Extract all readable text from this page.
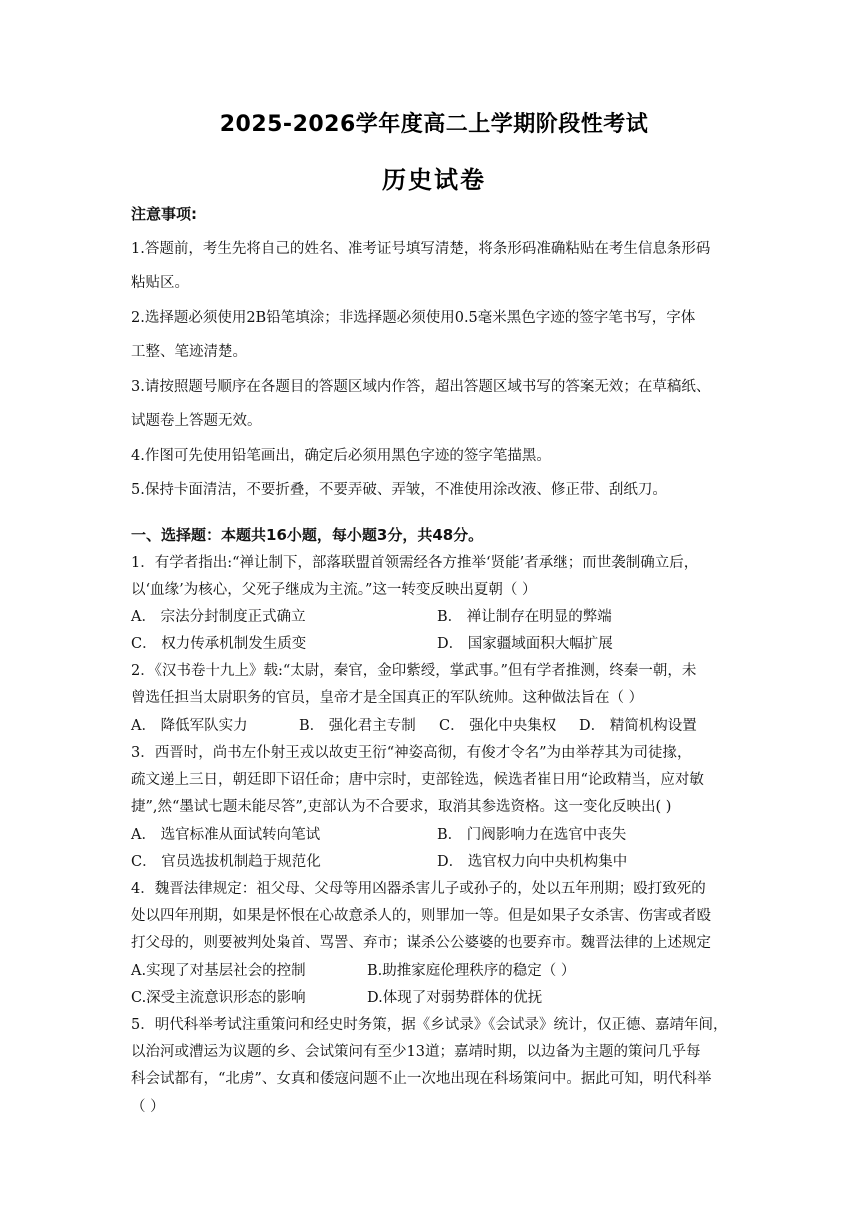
2025-2026学年度高二上学期阶段性考试
历史试卷
注意事项:
1.答题前，考生先将自己的姓名、准考证号填写清楚，将条形码准确粘贴在考生信息条形码
粘贴区。
2.选择题必须使用2B铅笔填涂；非选择题必须使用0.5毫米黑色字迹的签字笔书写，字体
工整、笔迹清楚。
3.请按照题号顺序在各题目的答题区域内作答，超出答题区域书写的答案无效；在草稿纸、
试题卷上答题无效。
4.作图可先使用铅笔画出，确定后必须用黑色字迹的签字笔描黑。
5.保持卡面清洁，不要折叠，不要弄破、弄皱，不准使用涂改液、修正带、刮纸刀。
一、选择题：本题共16小题，每小题3分，共48分。
1．有学者指出:“禅让制下，部落联盟首领需经各方推举‘贤能’者承继；而世袭制确立后，
以‘血缘’为核心，父死子继成为主流。”这一转变反映出夏朝（ ）
A． 宗法分封制度正式确立	B． 禅让制存在明显的弊端
C． 权力传承机制发生质变	D． 国家疆域面积大幅扩展
2．《汉书卷十九上》载:“太尉，秦官，金印紫绶，掌武事。”但有学者推测，终秦一朝，未
曾选任担当太尉职务的官员，皇帝才是全国真正的军队统帅。这种做法旨在（ ）
A． 降低军队实力	B． 强化君主专制 C． 强化中央集权 D． 精简机构设置
3．西晋时，尚书左仆射王戎以故吏王衍“神姿高彻，有俊才令名”为由举荐其为司徒掾，
疏文递上三日，朝廷即下诏任命；唐中宗时，吏部铨选，候选者崔日用“论政精当，应对敏
捷”,然“墨试七题未能尽答”,吏部认为不合要求，取消其参选资格。这一变化反映出( )
A． 选官标准从面试转向笔试	B． 门阀影响力在选官中丧失
C． 官员选拔机制趋于规范化	D． 选官权力向中央机构集中
4．魏晋法律规定：祖父母、父母等用凶器杀害儿子或孙子的，处以五年刑期；殴打致死的
处以四年刑期，如果是怀恨在心故意杀人的，则罪加一等。但是如果子女杀害、伤害或者殴
打父母的，则要被判处枭首、骂詈、弃市；谋杀公公婆婆的也要弃市。魏晋法律的上述规定
A.实现了对基层社会的控制	B.助推家庭伦理秩序的稳定（ ）
C.深受主流意识形态的影响	D.体现了对弱势群体的优抚
5．明代科举考试注重策问和经史时务策，据《乡试录》《会试录》统计，仅正德、嘉靖年间，
以治河或漕运为议题的乡、会试策问有至少13道；嘉靖时期，以边备为主题的策问几乎每
科会试都有，“北虏”、女真和倭寇问题不止一次地出现在科场策问中。据此可知，明代科举
（ ）
